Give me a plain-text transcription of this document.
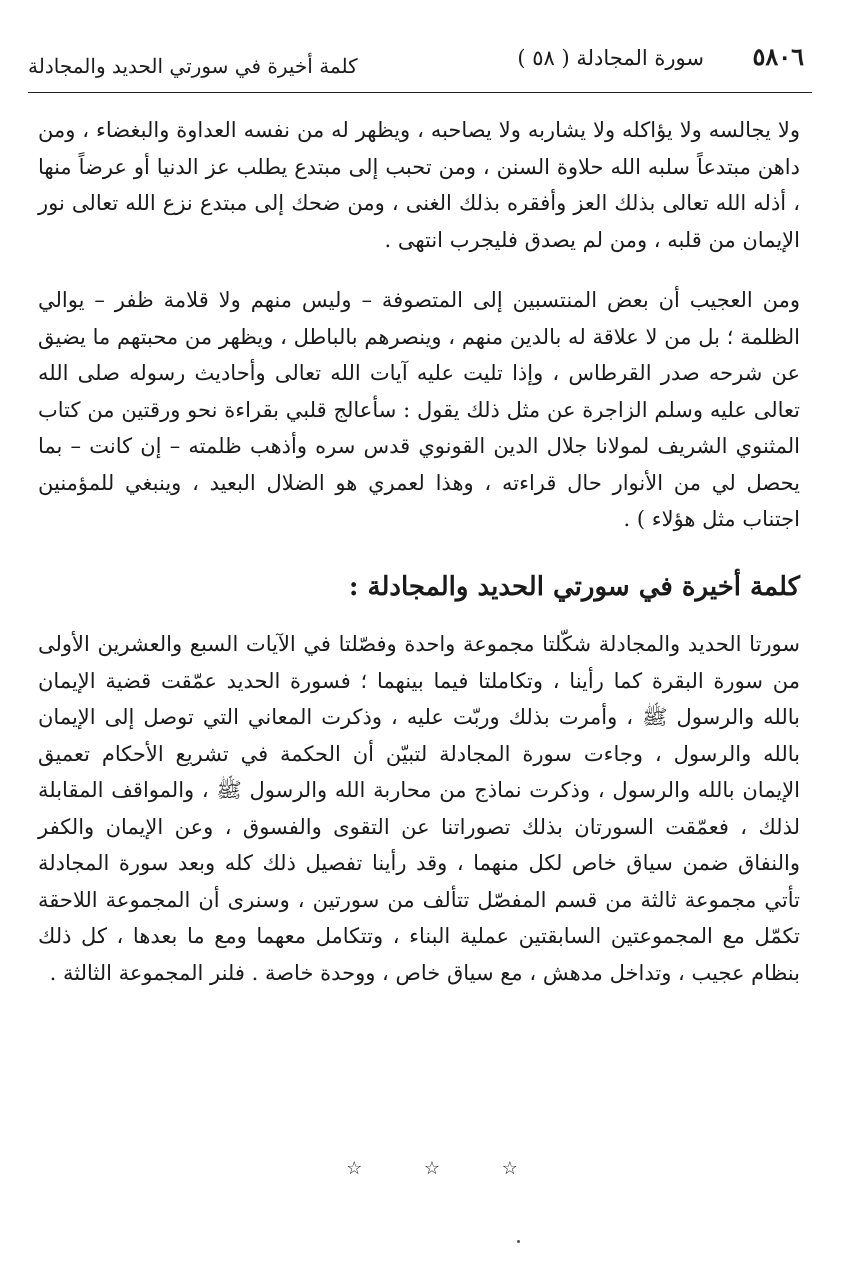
٥٨٠٦
سورة المجادلة ( ٥٨ )
كلمة أخيرة في سورتي الحديد والمجادلة

ولا يجالسه ولا يؤاكله ولا يشاربه ولا يصاحبه ، ويظهر له من نفسه العداوة والبغضاء ، ومن داهن مبتدعاً سلبه الله حلاوة السنن ، ومن تحبب إلى مبتدع يطلب عز الدنيا أو عرضاً منها ، أذله الله تعالى بذلك العز وأفقره بذلك الغنى ، ومن ضحك إلى مبتدع نزع الله تعالى نور الإيمان من قلبه ، ومن لم يصدق فليجرب انتهى .

ومن العجيب أن بعض المنتسبين إلى المتصوفة – وليس منهم ولا قلامة ظفر – يوالي الظلمة ؛ بل من لا علاقة له بالدين منهم ، وينصرهم بالباطل ، ويظهر من محبتهم ما يضيق عن شرحه صدر القرطاس ، وإذا تليت عليه آيات الله تعالى وأحاديث رسوله صلى الله تعالى عليه وسلم الزاجرة عن مثل ذلك يقول : سأعالج قلبي بقراءة نحو ورقتين من كتاب المثنوي الشريف لمولانا جلال الدين القونوي قدس سره وأذهب ظلمته – إن كانت – بما يحصل لي من الأنوار حال قراءته ، وهذا لعمري هو الضلال البعيد ، وينبغي للمؤمنين اجتناب مثل هؤلاء ) .

كلمة أخيرة في سورتي الحديد والمجادلة :

سورتا الحديد والمجادلة شكّلتا مجموعة واحدة وفصّلتا في الآيات السبع والعشرين الأولى من سورة البقرة كما رأينا ، وتكاملتا فيما بينهما ؛ فسورة الحديد عمّقت قضية الإيمان بالله والرسول ﷺ ، وأمرت بذلك وربّت عليه ، وذكرت المعاني التي توصل إلى الإيمان بالله والرسول ، وجاءت سورة المجادلة لتبيّن أن الحكمة في تشريع الأحكام تعميق الإيمان بالله والرسول ، وذكرت نماذج من محاربة الله والرسول ﷺ ، والمواقف المقابلة لذلك ، فعمّقت السورتان بذلك تصوراتنا عن التقوى والفسوق ، وعن الإيمان والكفر والنفاق ضمن سياق خاص لكل منهما ، وقد رأينا تفصيل ذلك كله وبعد سورة المجادلة تأتي مجموعة ثالثة من قسم المفصّل تتألف من سورتين ، وسنرى أن المجموعة اللاحقة تكمّل مع المجموعتين السابقتين عملية البناء ، وتتكامل معهما ومع ما بعدها ، كل ذلك بنظام عجيب ، وتداخل مدهش ، مع سياق خاص ، ووحدة خاصة . فلنر المجموعة الثالثة .

☆ ☆ ☆
